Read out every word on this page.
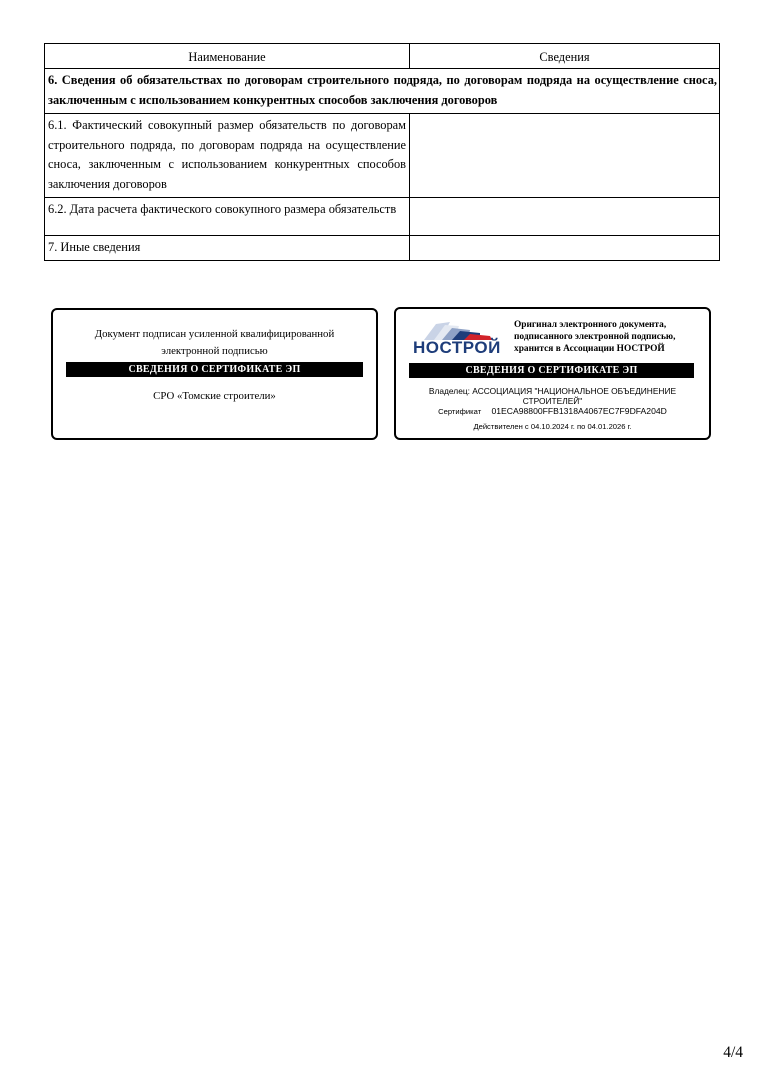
Наименование	Сведения
6. Сведения об обязательствах по договорам строительного подряда, по договорам подряда на осуществление сноса, заключенным с использованием конкурентных способов заключения договоров	
6.1. Фактический совокупный размер обязательств по договорам строительного подряда, по договорам подряда на осуществление сноса, заключенным с использованием конкурентных способов заключения договоров	
6.2. Дата расчета фактического совокупного размера обязательств	
7. Иные сведения	
Документ подписан усиленной квалифицированной
электронной подписью
СВЕДЕНИЯ О СЕРТИФИКАТЕ ЭП
СРО «Томские строители»
НОСТРОЙ
Оригинал электронного документа,
подписанного электронной подписью,
хранится в Ассоциации НОСТРОЙ
СВЕДЕНИЯ О СЕРТИФИКАТЕ ЭП
Владелец: АССОЦИАЦИЯ "НАЦИОНАЛЬНОЕ ОБЪЕДИНЕНИЕ СТРОИТЕЛЕЙ"
Сертификат 01ECA98800FFB1318A4067EC7F9DFA204D
Действителен с 04.10.2024 г. по 04.01.2026 г.
4/4
